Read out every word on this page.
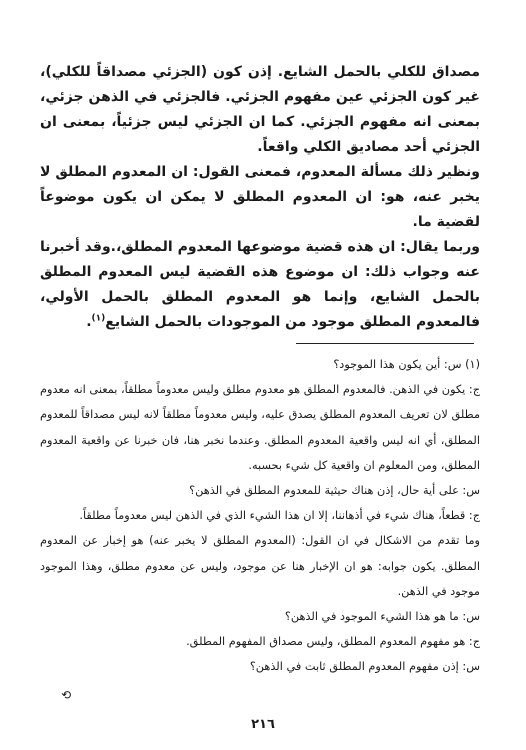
مصداق للكلي بالحمل الشايع. إذن كون (الجزئي مصداقاً للكلي)، غير كون الجزئي عين مفهوم الجزئي. فالجزئي في الذهن جزئي، بمعنى انه مفهوم الجزئي. كما ان الجزئي ليس جزئياً، بمعنى ان الجزئي أحد مصاديق الكلي واقعاً.

ونظير ذلك مسألة المعدوم، فمعنى القول: ان المعدوم المطلق لا يخبر عنه، هو: ان المعدوم المطلق لا يمكن ان يكون موضوعاً لقضية ما.

وربما يقال: ان هذه قضية موضوعها المعدوم المطلق،.وقد أخبرنا عنه وجواب ذلك: ان موضوع هذه القضية ليس المعدوم المطلق بالحمل الشايع، وإنما هو المعدوم المطلق بالحمل الأولي، فالمعدوم المطلق موجود من الموجودات بالحمل الشايع$^{(١)}$.

(١) س: أين يكون هذا الموجود؟

ج: يكون في الذهن. فالمعدوم المطلق هو معدوم مطلق وليس معدوماً مطلقاً، بمعنى انه معدوم مطلق لان تعريف المعدوم المطلق يصدق عليه، وليس معدوماً مطلقاً لانه ليس مصداقاً للمعدوم المطلق، أي انه ليس واقعية المعدوم المطلق. وعندما نخبر هنا، فان خبرنا عن واقعية المعدوم المطلق، ومن المعلوم ان واقعية كل شيء بحسبه.

س: على أية حال، إذن هناك حيثية للمعدوم المطلق في الذهن؟

ج: قطعاً، هناك شيء في أذهاننا، إلا ان هذا الشيء الذي في الذهن ليس معدوماً مطلقاً.

وما تقدم من الاشكال في ان القول: (المعدوم المطلق لا يخبر عنه) هو إخبار عن المعدوم المطلق. يكون جوابه: هو ان الإخبار هنا عن موجود، وليس عن معدوم مطلق، وهذا الموجود موجود في الذهن.

س: ما هو هذا الشيء الموجود في الذهن؟

ج: هو مفهوم المعدوم المطلق، وليس مصداق المفهوم المطلق.

س: إذن مفهوم المعدوم المطلق ثابت في الذهن؟

⟲
٢١٦
